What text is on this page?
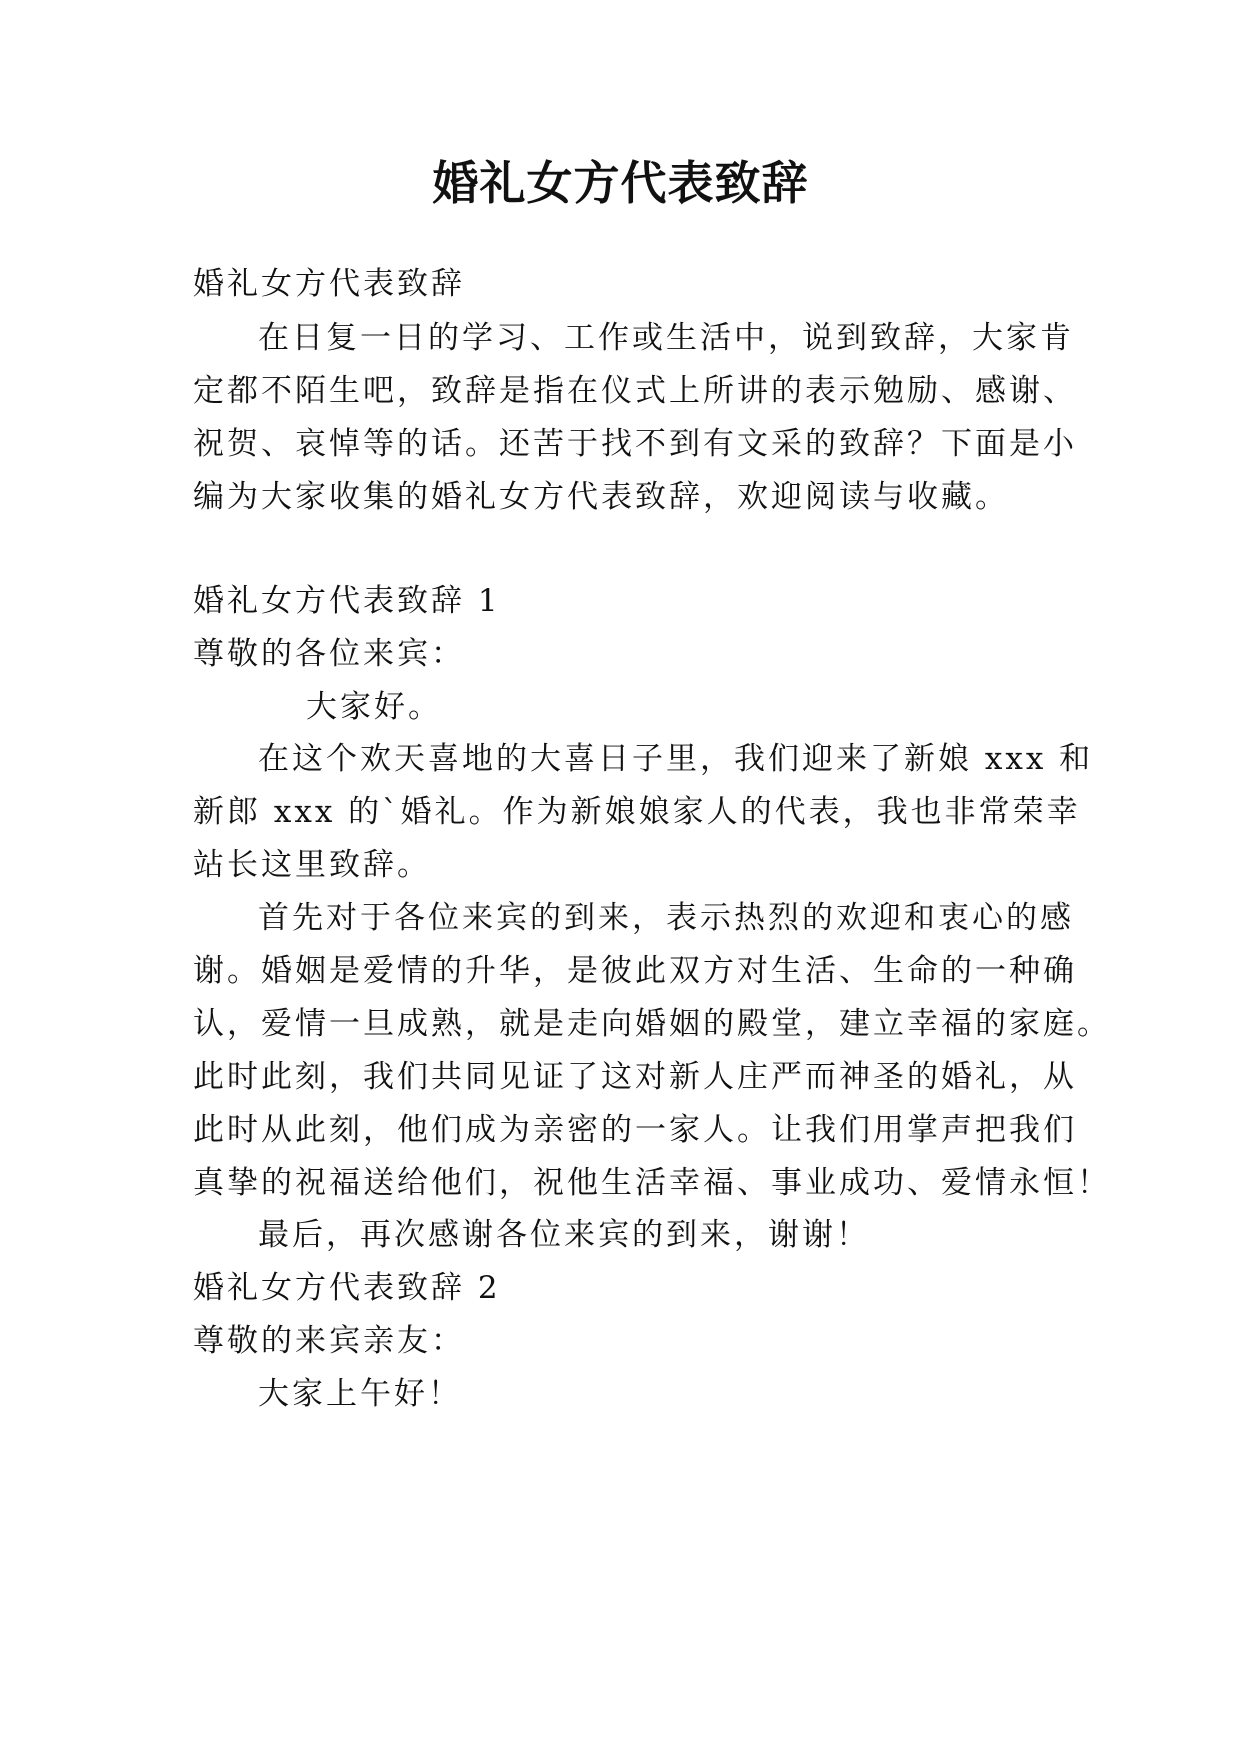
婚礼女方代表致辞
婚礼女方代表致辞
在日复一日的学习、工作或生活中，说到致辞，大家肯
定都不陌生吧，致辞是指在仪式上所讲的表示勉励、感谢、
祝贺、哀悼等的话。还苦于找不到有文采的致辞？下面是小
编为大家收集的婚礼女方代表致辞，欢迎阅读与收藏。
婚礼女方代表致辞 1
尊敬的各位来宾：
大家好。
在这个欢天喜地的大喜日子里，我们迎来了新娘 xxx 和
新郎 xxx 的`婚礼。作为新娘娘家人的代表，我也非常荣幸
站长这里致辞。
首先对于各位来宾的到来，表示热烈的欢迎和衷心的感
谢。婚姻是爱情的升华，是彼此双方对生活、生命的一种确
认，爱情一旦成熟，就是走向婚姻的殿堂，建立幸福的家庭。
此时此刻，我们共同见证了这对新人庄严而神圣的婚礼，从
此时从此刻，他们成为亲密的一家人。让我们用掌声把我们
真挚的祝福送给他们，祝他生活幸福、事业成功、爱情永恒！
最后，再次感谢各位来宾的到来，谢谢！
婚礼女方代表致辞 2
尊敬的来宾亲友：
大家上午好！
